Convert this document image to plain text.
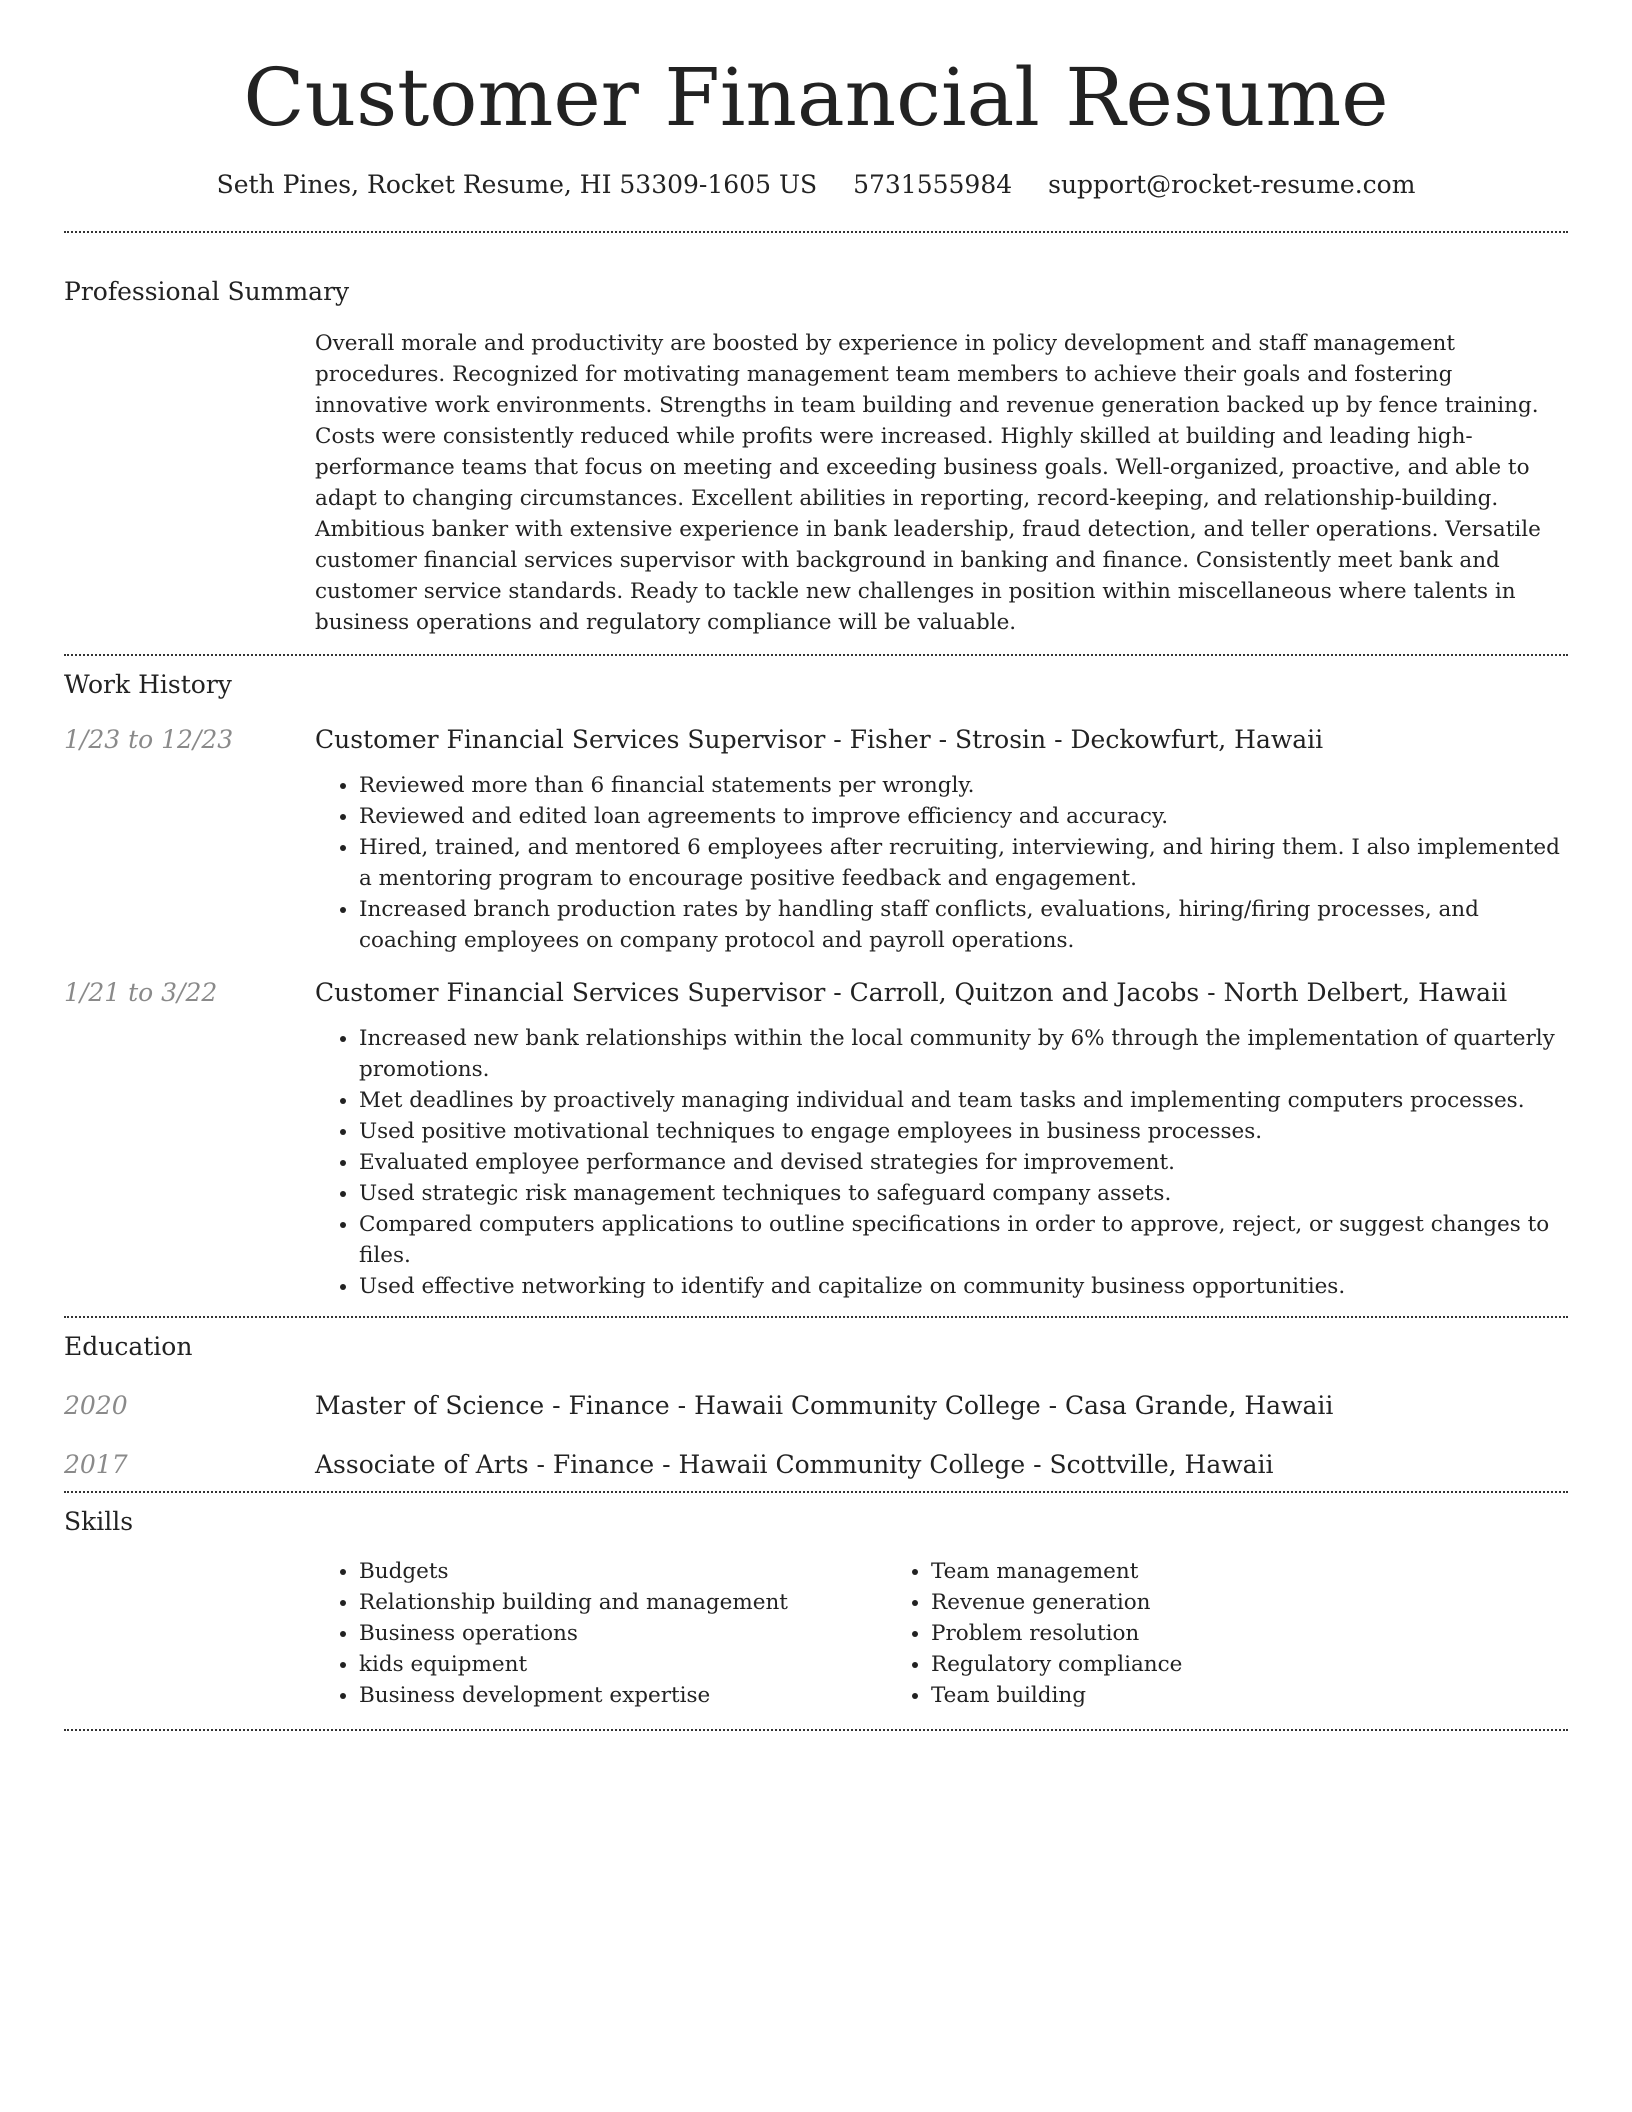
Customer Financial Resume
Seth Pines, Rocket Resume, HI 53309-1605 US 5731555984 support@rocket-resume.com
Professional Summary
Overall morale and productivity are boosted by experience in policy development and staff management procedures. Recognized for motivating management team members to achieve their goals and fostering innovative work environments. Strengths in team building and revenue generation backed up by fence training. Costs were consistently reduced while profits were increased. Highly skilled at building and leading high-performance teams that focus on meeting and exceeding business goals. Well-organized, proactive, and able to adapt to changing circumstances. Excellent abilities in reporting, record-keeping, and relationship-building. Ambitious banker with extensive experience in bank leadership, fraud detection, and teller operations. Versatile customer financial services supervisor with background in banking and finance. Consistently meet bank and customer service standards. Ready to tackle new challenges in position within miscellaneous where talents in business operations and regulatory compliance will be valuable.
Work History
1/23 to 12/23	Customer Financial Services Supervisor - Fisher - Strosin - Deckowfurt, Hawaii
• Reviewed more than 6 financial statements per wrongly.
• Reviewed and edited loan agreements to improve efficiency and accuracy.
• Hired, trained, and mentored 6 employees after recruiting, interviewing, and hiring them. I also implemented a mentoring program to encourage positive feedback and engagement.
• Increased branch production rates by handling staff conflicts, evaluations, hiring/firing processes, and coaching employees on company protocol and payroll operations.
1/21 to 3/22	Customer Financial Services Supervisor - Carroll, Quitzon and Jacobs - North Delbert, Hawaii
• Increased new bank relationships within the local community by 6% through the implementation of quarterly promotions.
• Met deadlines by proactively managing individual and team tasks and implementing computers processes.
• Used positive motivational techniques to engage employees in business processes.
• Evaluated employee performance and devised strategies for improvement.
• Used strategic risk management techniques to safeguard company assets.
• Compared computers applications to outline specifications in order to approve, reject, or suggest changes to files.
• Used effective networking to identify and capitalize on community business opportunities.
Education
2020	Master of Science - Finance - Hawaii Community College - Casa Grande, Hawaii
2017	Associate of Arts - Finance - Hawaii Community College - Scottville, Hawaii
Skills
• Budgets
• Relationship building and management
• Business operations
• kids equipment
• Business development expertise
• Team management
• Revenue generation
• Problem resolution
• Regulatory compliance
• Team building
